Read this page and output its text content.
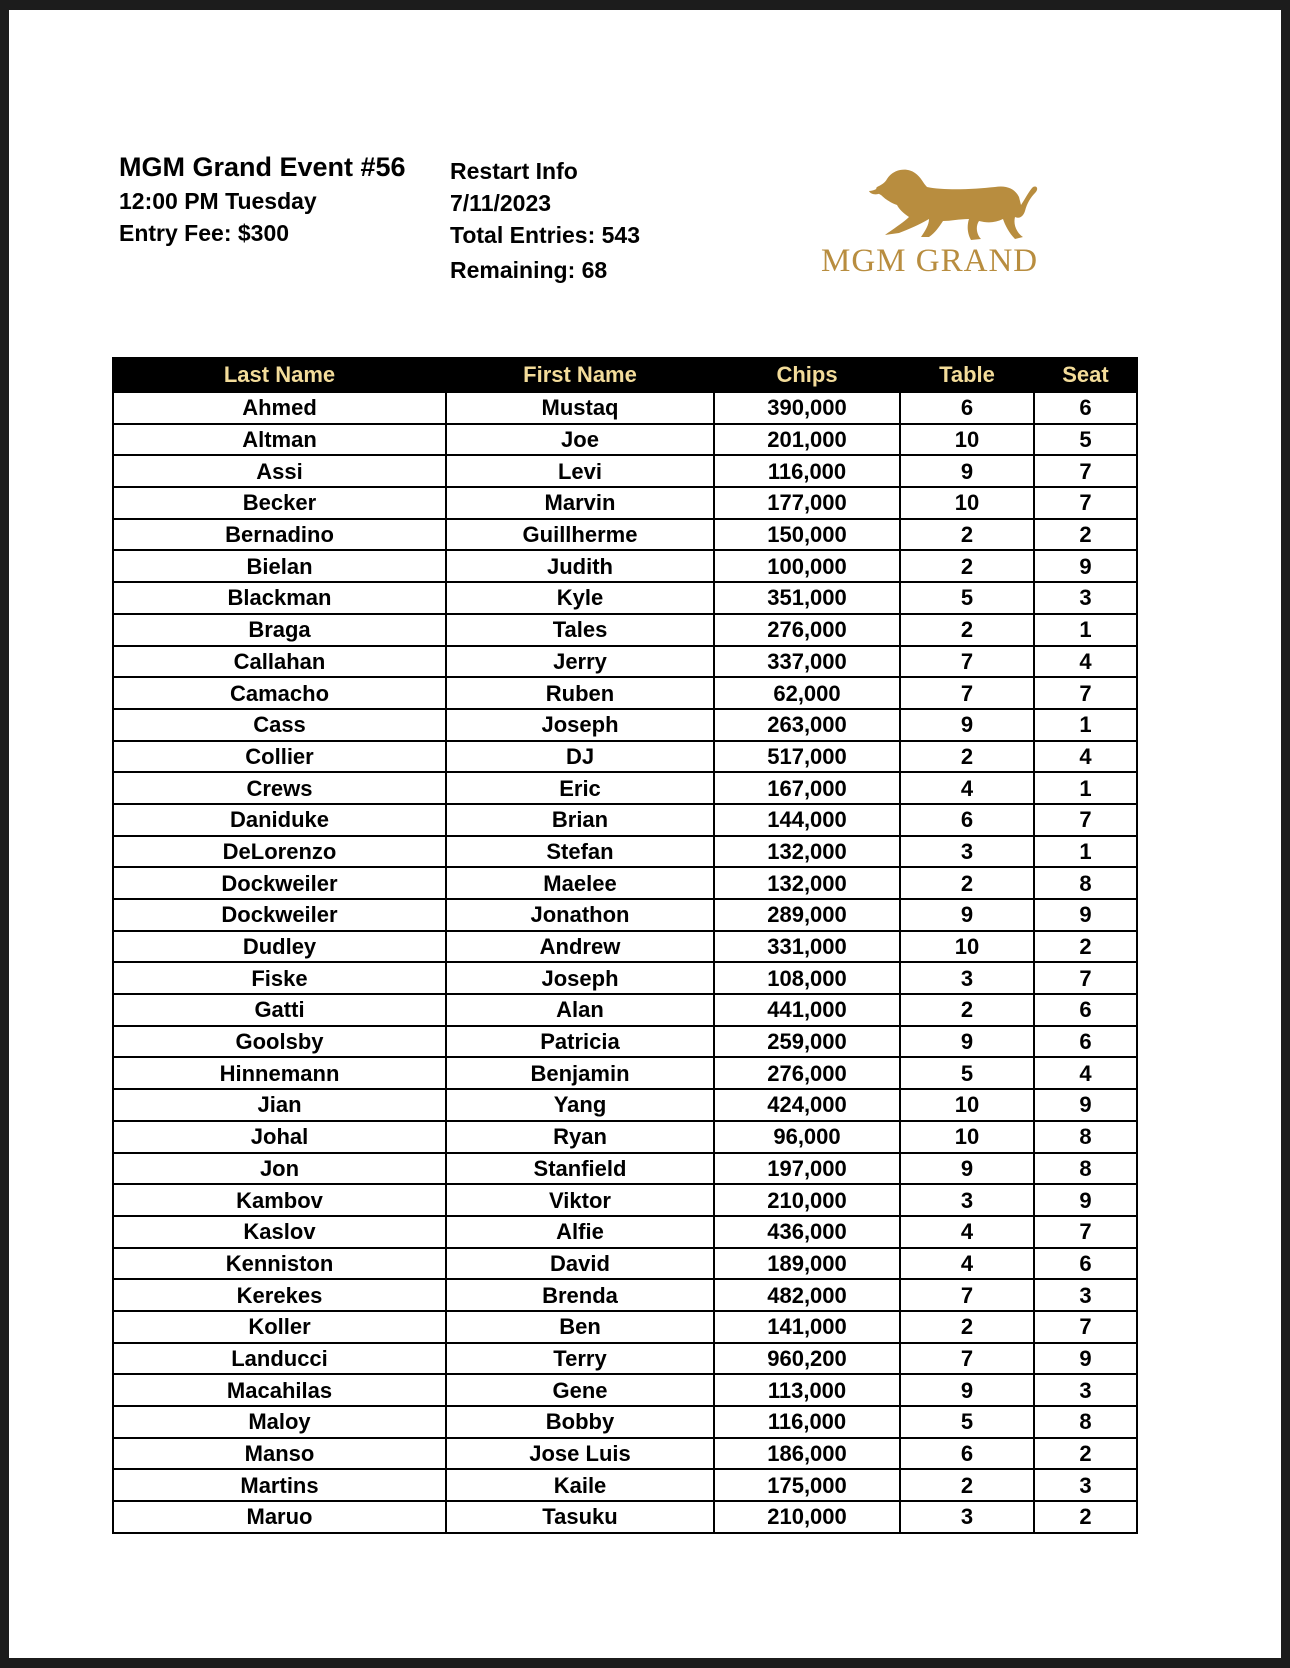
MGM Grand Event #56
12:00 PM Tuesday
Entry Fee: $300
Restart Info
7/11/2023
Total Entries: 543
Remaining: 68	MGM GRAND
Last Name	First Name	Chips	Table	Seat
Ahmed	Mustaq	390,000	6	6
Altman	Joe	201,000	10	5
Assi	Levi	116,000	9	7
Becker	Marvin	177,000	10	7
Bernadino	Guillherme	150,000	2	2
Bielan	Judith	100,000	2	9
Blackman	Kyle	351,000	5	3
Braga	Tales	276,000	2	1
Callahan	Jerry	337,000	7	4
Camacho	Ruben	62,000	7	7
Cass	Joseph	263,000	9	1
Collier	DJ	517,000	2	4
Crews	Eric	167,000	4	1
Daniduke	Brian	144,000	6	7
DeLorenzo	Stefan	132,000	3	1
Dockweiler	Maelee	132,000	2	8
Dockweiler	Jonathon	289,000	9	9
Dudley	Andrew	331,000	10	2
Fiske	Joseph	108,000	3	7
Gatti	Alan	441,000	2	6
Goolsby	Patricia	259,000	9	6
Hinnemann	Benjamin	276,000	5	4
Jian	Yang	424,000	10	9
Johal	Ryan	96,000	10	8
Jon	Stanfield	197,000	9	8
Kambov	Viktor	210,000	3	9
Kaslov	Alfie	436,000	4	7
Kenniston	David	189,000	4	6
Kerekes	Brenda	482,000	7	3
Koller	Ben	141,000	2	7
Landucci	Terry	960,200	7	9
Macahilas	Gene	113,000	9	3
Maloy	Bobby	116,000	5	8
Manso	Jose Luis	186,000	6	2
Martins	Kaile	175,000	2	3
Maruo	Tasuku	210,000	3	2
